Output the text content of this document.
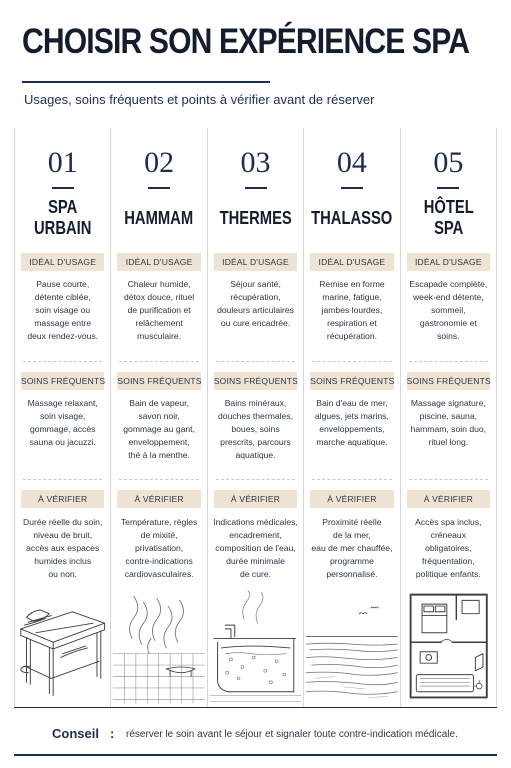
CHOISIR SON EXPÉRIENCE SPA
Usages, soins fréquents et points à vérifier avant de réserver
01
SPA
URBAIN
IDÉAL D'USAGE
Pause courte,
détente ciblée,
soin visage ou
massage entre
deux rendez-vous.
SOINS FRÉQUENTS
Massage relaxant,
soin visage,
gommage, accès
sauna ou jacuzzi.
À VÉRIFIER
Durée réelle du soin,
niveau de bruit,
accès aux espaces
humides inclus
ou non.
02
HAMMAM
IDÉAL D'USAGE
Chaleur humide,
détox douce, rituel
de purification et
relâchement
musculaire.
SOINS FRÉQUENTS
Bain de vapeur,
savon noir,
gommage au gant,
enveloppement,
thé à la menthe.
À VÉRIFIER
Température, règles
de mixité,
privatisation,
contre-indications
cardiovasculaires.
03
THERMES
IDÉAL D'USAGE
Séjour santé,
récupération,
douleurs articulaires
ou cure encadrée.
SOINS FRÉQUENTS
Bains minéraux,
douches thermales,
boues, soins
prescrits, parcours
aquatique.
À VÉRIFIER
Indications médicales,
encadrement,
composition de l'eau,
durée minimale
de cure.
04
THALASSO
IDÉAL D'USAGE
Remise en forme
marine, fatigue,
jambes lourdes,
respiration et
récupération.
SOINS FRÉQUENTS
Bain d'eau de mer,
algues, jets marins,
enveloppements,
marche aquatique.
À VÉRIFIER
Proximité réelle
de la mer,
eau de mer chauffée,
programme
personnalisé.
05
HÔTEL SPA
IDÉAL D'USAGE
Escapade complète,
week-end détente,
sommeil,
gastronomie et
soins.
SOINS FRÉQUENTS
Massage signature,
piscine, sauna,
hammam, soin duo,
rituel long.
À VÉRIFIER
Accès spa inclus,
créneaux
obligatoires,
fréquentation,
politique enfants.
Conseil : réserver le soin avant le séjour et signaler toute contre-indication médicale.
